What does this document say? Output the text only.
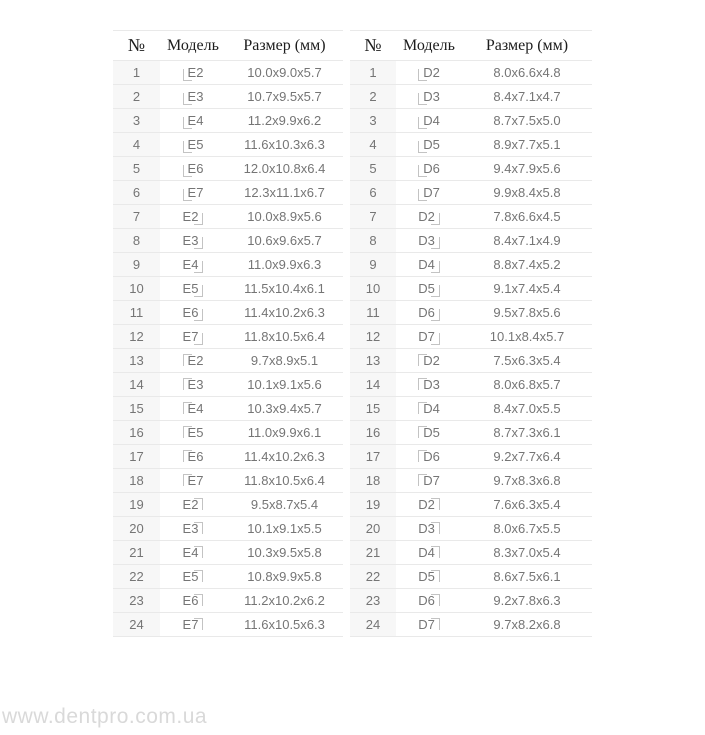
№	Модель	Размер (мм)
1	E2	10.0x9.0x5.7
2	E3	10.7x9.5x5.7
3	E4	11.2x9.9x6.2
4	E5	11.6x10.3x6.3
5	E6	12.0x10.8x6.4
6	E7	12.3x11.1x6.7
7	E2	10.0x8.9x5.6
8	E3	10.6x9.6x5.7
9	E4	11.0x9.9x6.3
10	E5	11.5x10.4x6.1
11	E6	11.4x10.2x6.3
12	E7	11.8x10.5x6.4
13	E2	9.7x8.9x5.1
14	E3	10.1x9.1x5.6
15	E4	10.3x9.4x5.7
16	E5	11.0x9.9x6.1
17	E6	11.4x10.2x6.3
18	E7	11.8x10.5x6.4
19	E2	9.5x8.7x5.4
20	E3	10.1x9.1x5.5
21	E4	10.3x9.5x5.8
22	E5	10.8x9.9x5.8
23	E6	11.2x10.2x6.2
24	E7	11.6x10.5x6.3
№	Модель	Размер (мм)
1	D2	8.0x6.6x4.8
2	D3	8.4x7.1x4.7
3	D4	8.7x7.5x5.0
4	D5	8.9x7.7x5.1
5	D6	9.4x7.9x5.6
6	D7	9.9x8.4x5.8
7	D2	7.8x6.6x4.5
8	D3	8.4x7.1x4.9
9	D4	8.8x7.4x5.2
10	D5	9.1x7.4x5.4
11	D6	9.5x7.8x5.6
12	D7	10.1x8.4x5.7
13	D2	7.5x6.3x5.4
14	D3	8.0x6.8x5.7
15	D4	8.4x7.0x5.5
16	D5	8.7x7.3x6.1
17	D6	9.2x7.7x6.4
18	D7	9.7x8.3x6.8
19	D2	7.6x6.3x5.4
20	D3	8.0x6.7x5.5
21	D4	8.3x7.0x5.4
22	D5	8.6x7.5x6.1
23	D6	9.2x7.8x6.3
24	D7	9.7x8.2x6.8
www.dentpro.com.ua
